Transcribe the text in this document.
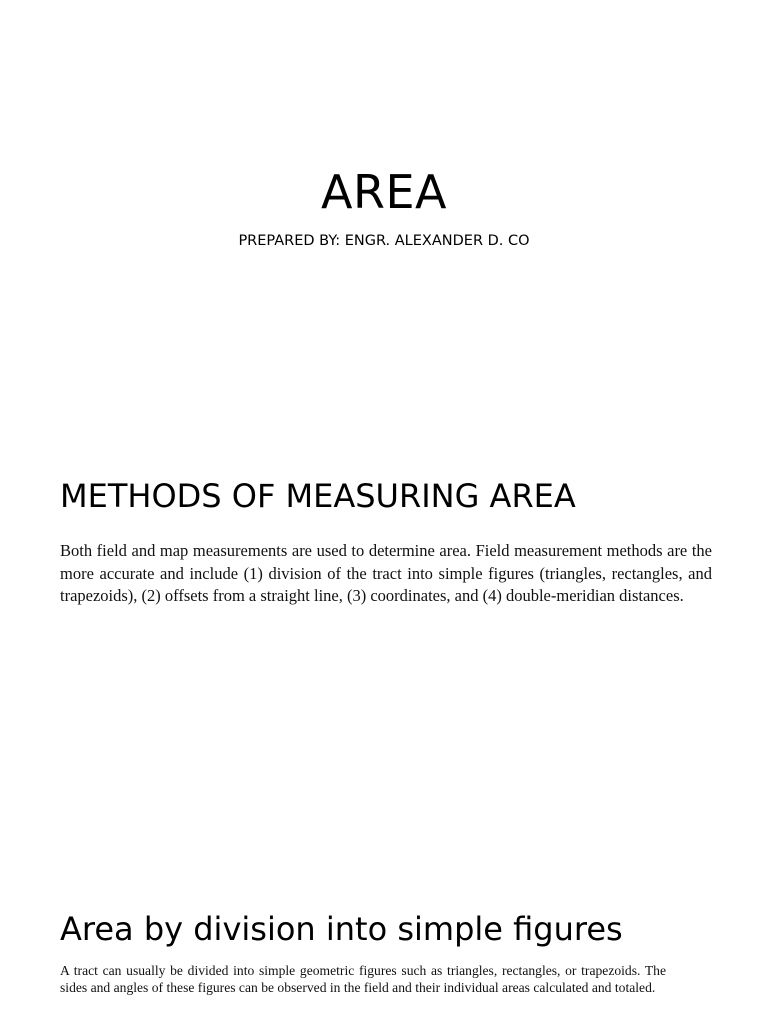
AREA
PREPARED BY: ENGR. ALEXANDER D. CO
METHODS OF MEASURING AREA
Both field and map measurements are used to determine area. Field measurement methods are the more accurate and include (1) division of the tract into simple figures (triangles, rectangles, and trapezoids), (2) offsets from a straight line, (3) coordinates, and (4) double-meridian distances.
Area by division into simple figures
A tract can usually be divided into simple geometric figures such as triangles, rectangles, or trapezoids. The sides and angles of these figures can be observed in the field and their individual areas calculated and totaled.
